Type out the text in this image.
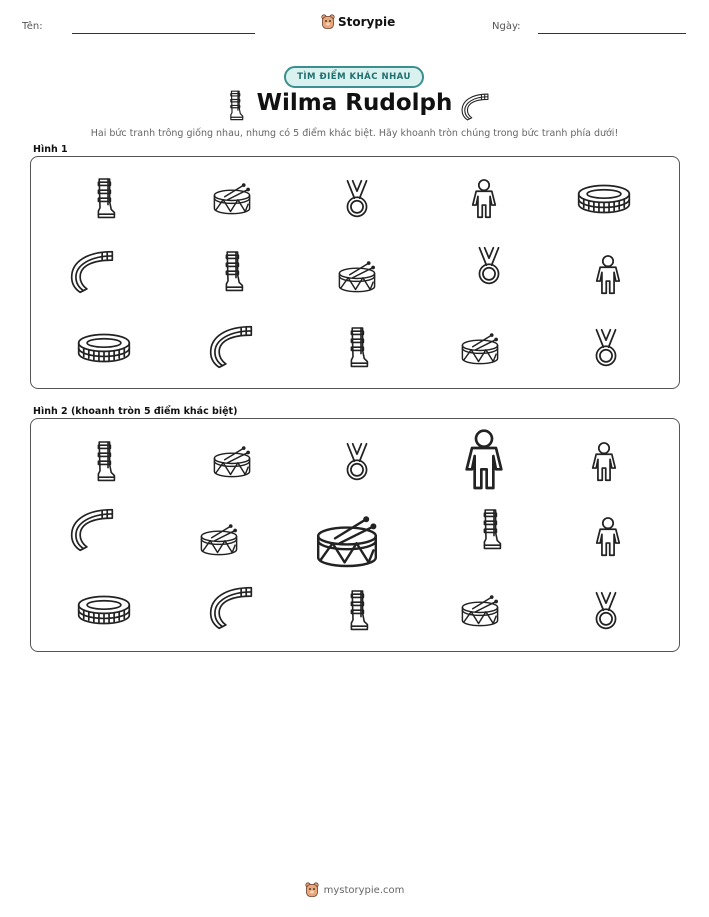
Tên:	Storypie	Ngày:
TÌM ĐIỂM KHÁC NHAU
Wilma Rudolph
Hai bức tranh trông giống nhau, nhưng có 5 điểm khác biệt. Hãy khoanh tròn chúng trong bức tranh phía dưới!
Hình 1
Hình 2 (khoanh tròn 5 điểm khác biệt)
mystorypie.com
